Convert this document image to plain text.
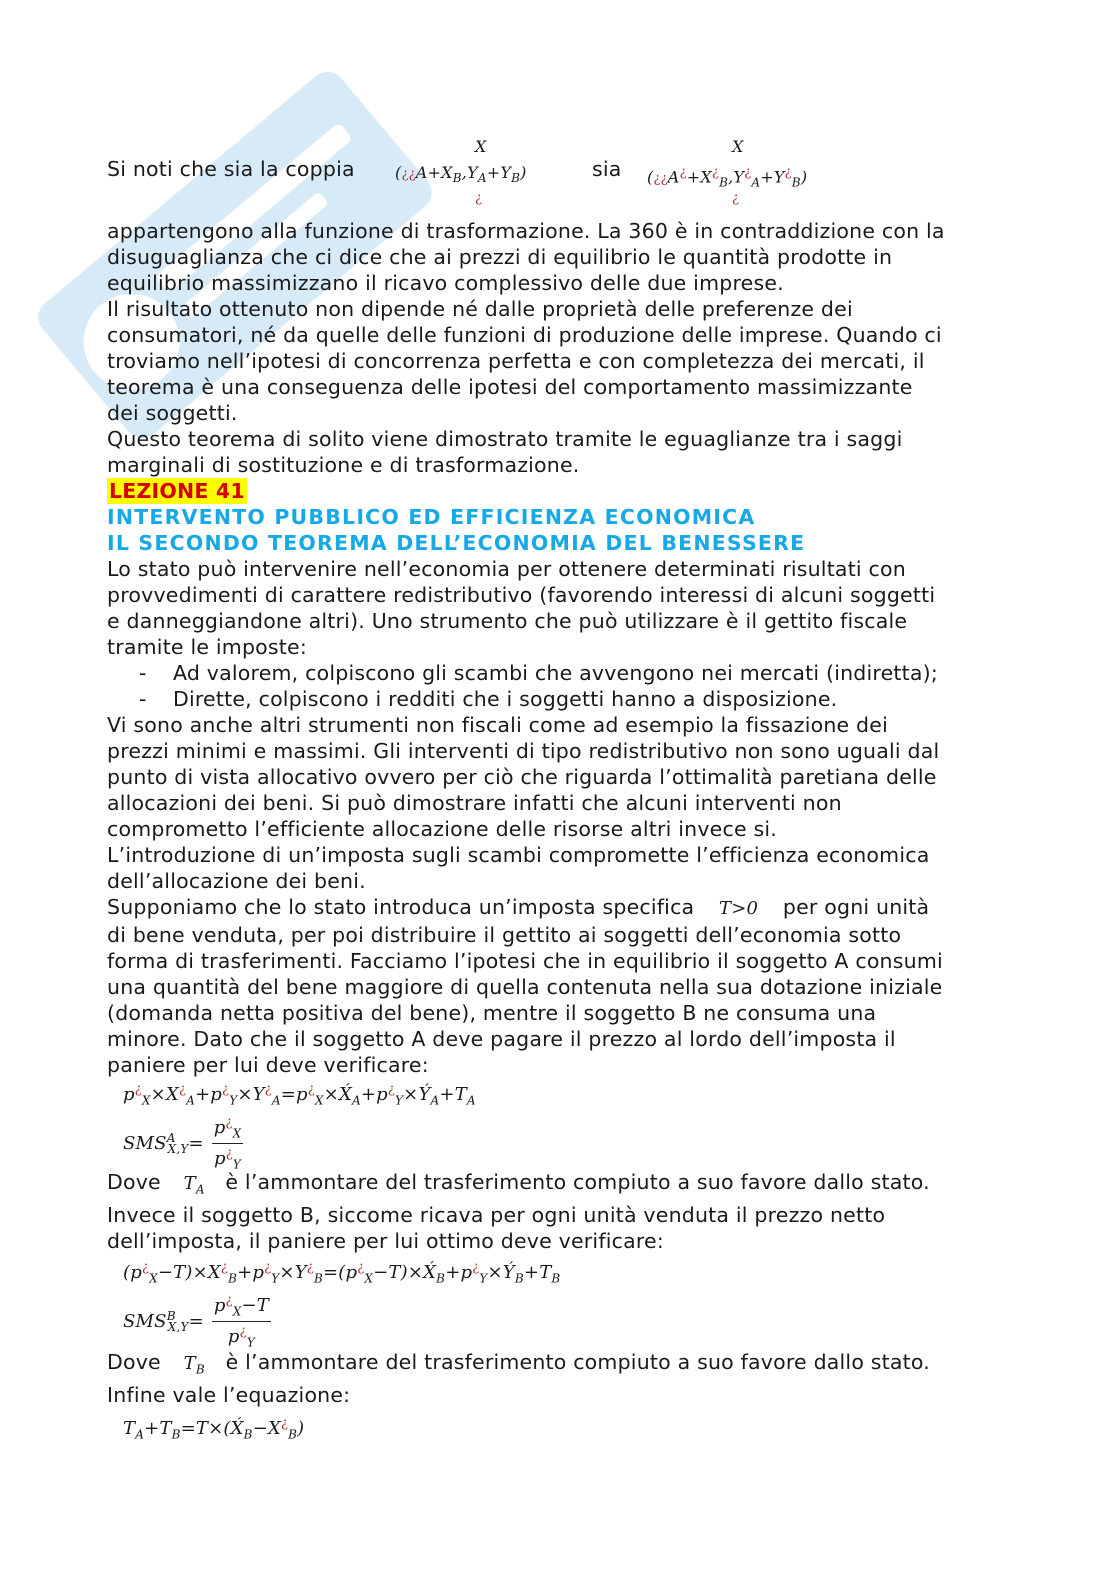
Si noti che sia la coppia
X
$(¿¿A+X_B,Y_A+Y_B)$
¿
sia
X
$(¿¿A^¿+X^¿_B,Y^¿_A+Y^¿_B)$
¿
appartengono alla funzione di trasformazione. La 360 è in contraddizione con la
disuguaglianza che ci dice che ai prezzi di equilibrio le quantità prodotte in
equilibrio massimizzano il ricavo complessivo delle due imprese.
Il risultato ottenuto non dipende né dalle proprietà delle preferenze dei
consumatori, né da quelle delle funzioni di produzione delle imprese. Quando ci
troviamo nell’ipotesi di concorrenza perfetta e con completezza dei mercati, il
teorema è una conseguenza delle ipotesi del comportamento massimizzante
dei soggetti.
Questo teorema di solito viene dimostrato tramite le eguaglianze tra i saggi
marginali di sostituzione e di trasformazione.
LEZIONE 41
INTERVENTO PUBBLICO ED EFFICIENZA ECONOMICA
IL SECONDO TEOREMA DELL’ECONOMIA DEL BENESSERE
Lo stato può intervenire nell’economia per ottenere determinati risultati con
provvedimenti di carattere redistributivo (favorendo interessi di alcuni soggetti
e danneggiandone altri). Uno strumento che può utilizzare è il gettito fiscale
tramite le imposte:
- Ad valorem, colpiscono gli scambi che avvengono nei mercati (indiretta);
- Dirette, colpiscono i redditi che i soggetti hanno a disposizione.
Vi sono anche altri strumenti non fiscali come ad esempio la fissazione dei
prezzi minimi e massimi. Gli interventi di tipo redistributivo non sono uguali dal
punto di vista allocativo ovvero per ciò che riguarda l’ottimalità paretiana delle
allocazioni dei beni. Si può dimostrare infatti che alcuni interventi non
comprometto l’efficiente allocazione delle risorse altri invece si.
L’introduzione di un’imposta sugli scambi compromette l’efficienza economica
dell’allocazione dei beni.
Supponiamo che lo stato introduca un’imposta specifica T>0 per ogni unità
di bene venduta, per poi distribuire il gettito ai soggetti dell’economia sotto
forma di trasferimenti. Facciamo l’ipotesi che in equilibrio il soggetto A consumi
una quantità del bene maggiore di quella contenuta nella sua dotazione iniziale
(domanda netta positiva del bene), mentre il soggetto B ne consuma una
minore. Dato che il soggetto A deve pagare il prezzo al lordo dell’imposta il
paniere per lui deve verificare:
$p^¿_X\times X^¿_A+p^¿_Y\times Y^¿_A=p^¿_X\times X́_A+p^¿_Y\times Ý_A+T_A$
$SMS^A_{X,Y}= \frac{p^¿_X}{p^¿_Y}$
Dove $T_A$ è l’ammontare del trasferimento compiuto a suo favore dallo stato.
Invece il soggetto B, siccome ricava per ogni unità venduta il prezzo netto
dell’imposta, il paniere per lui ottimo deve verificare:
$(p^¿_X-T)\times X^¿_B+p^¿_Y\times Y^¿_B=(p^¿_X-T)\times X́_B+p^¿_Y\times Ý_B+T_B$
$SMS^B_{X,Y}= \frac{p^¿_X-T}{p^¿_Y}$
Dove $T_B$ è l’ammontare del trasferimento compiuto a suo favore dallo stato.
Infine vale l’equazione:
$T_A+T_B=T\times(X́_B-X^¿_B)$
